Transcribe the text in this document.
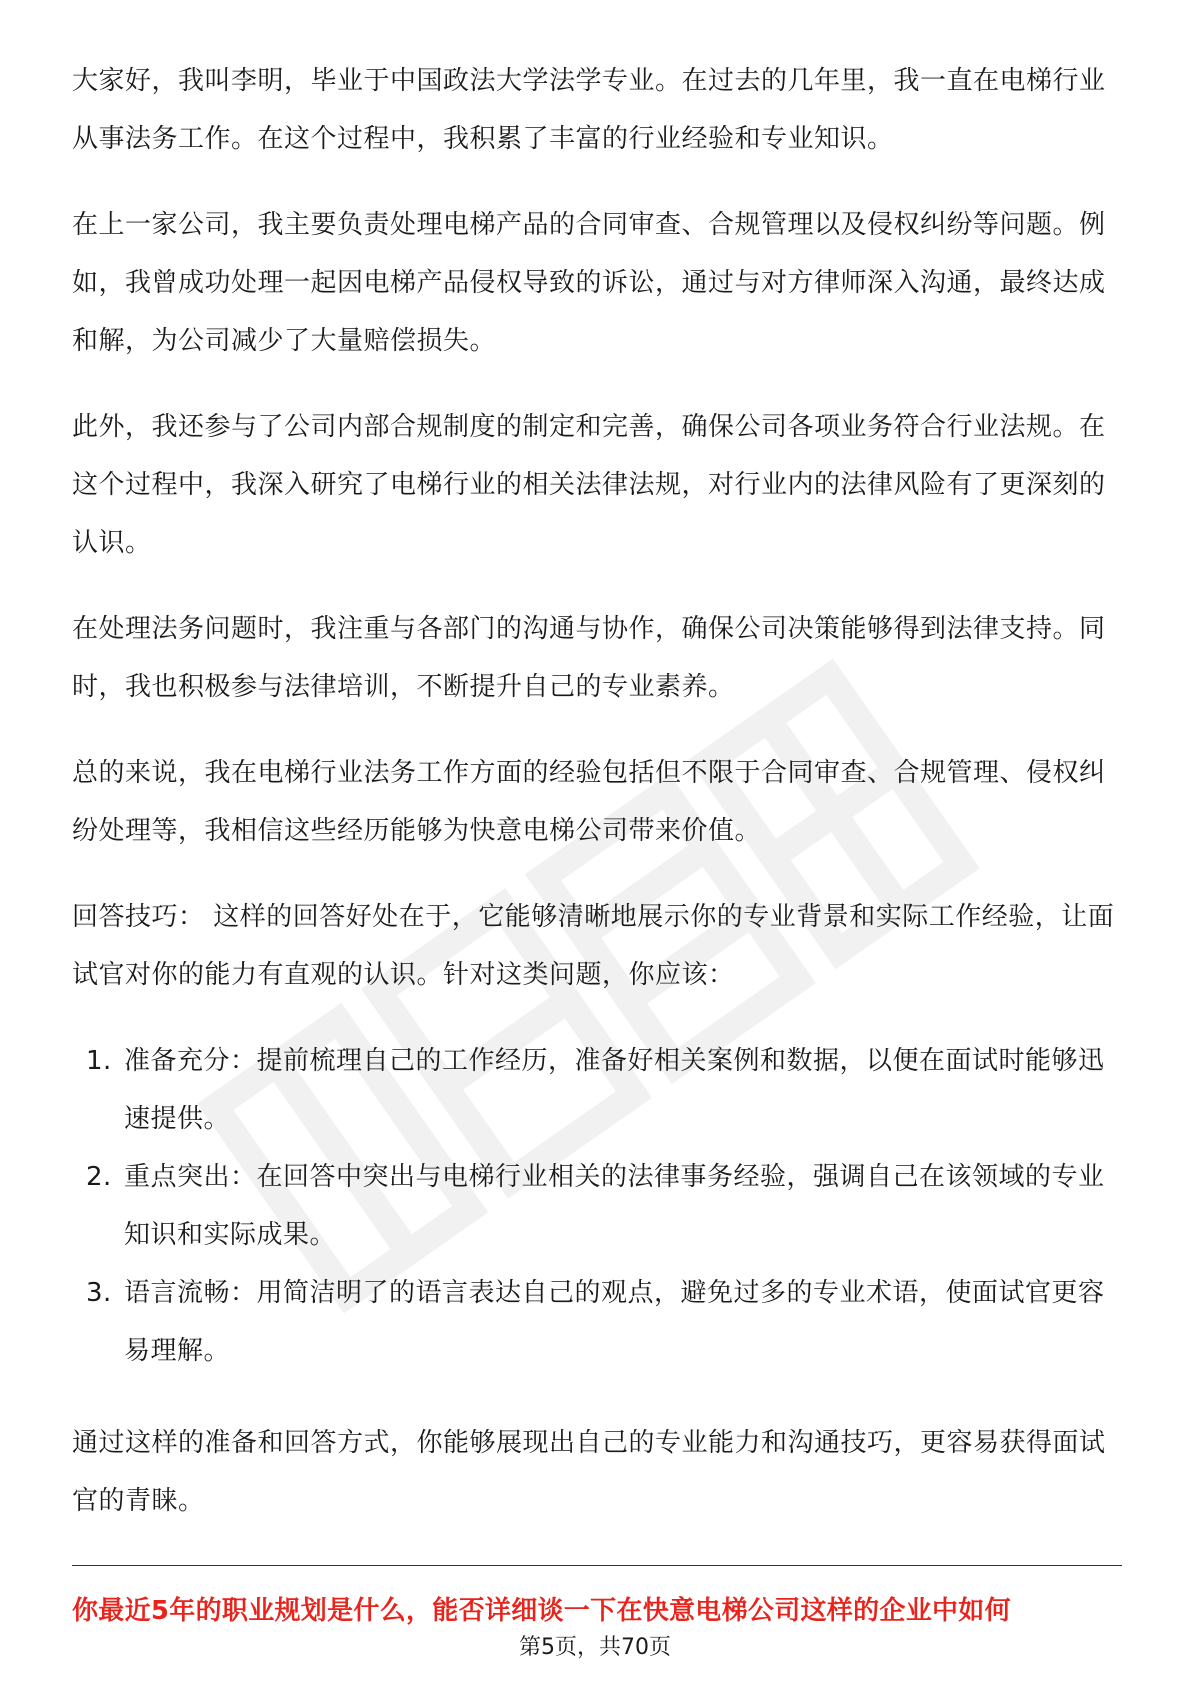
大家好，我叫李明，毕业于中国政法大学法学专业。在过去的几年里，我一直在电梯行业从事法务工作。在这个过程中，我积累了丰富的行业经验和专业知识。

在上一家公司，我主要负责处理电梯产品的合同审查、合规管理以及侵权纠纷等问题。例如，我曾成功处理一起因电梯产品侵权导致的诉讼，通过与对方律师深入沟通，最终达成和解，为公司减少了大量赔偿损失。

此外，我还参与了公司内部合规制度的制定和完善，确保公司各项业务符合行业法规。在这个过程中，我深入研究了电梯行业的相关法律法规，对行业内的法律风险有了更深刻的认识。

在处理法务问题时，我注重与各部门的沟通与协作，确保公司决策能够得到法律支持。同时，我也积极参与法律培训，不断提升自己的专业素养。

总的来说，我在电梯行业法务工作方面的经验包括但不限于合同审查、合规管理、侵权纠纷处理等，我相信这些经历能够为快意电梯公司带来价值。

回答技巧： 这样的回答好处在于，它能够清晰地展示你的专业背景和实际工作经验，让面试官对你的能力有直观的认识。针对这类问题，你应该：

1. 准备充分：提前梳理自己的工作经历，准备好相关案例和数据，以便在面试时能够迅速提供。
2. 重点突出：在回答中突出与电梯行业相关的法律事务经验，强调自己在该领域的专业知识和实际成果。
3. 语言流畅：用简洁明了的语言表达自己的观点，避免过多的专业术语，使面试官更容易理解。

通过这样的准备和回答方式，你能够展现出自己的专业能力和沟通技巧，更容易获得面试官的青睐。

你最近5年的职业规划是什么，能否详细谈一下在快意电梯公司这样的企业中如何
第5页，共70页
